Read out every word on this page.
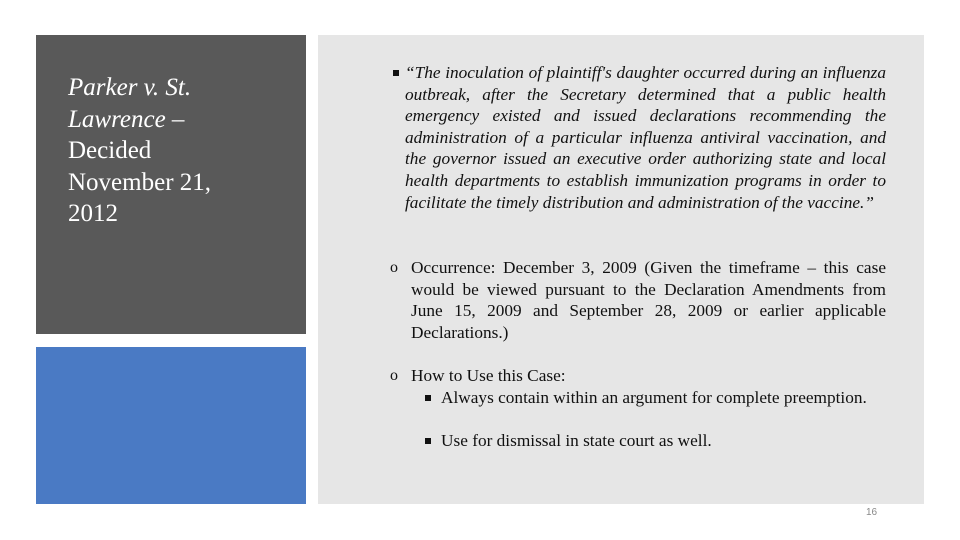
Parker v. St.
Lawrence –
Decided
November 21,
2012
“The inoculation of plaintiff's daughter occurred during an influenza outbreak, after the Secretary determined that a public health emergency existed and issued declarations recommending the administration of a particular influenza antiviral vaccination, and the governor issued an executive order authorizing state and local health departments to establish immunization programs in order to facilitate the timely distribution and administration of the vaccine.”
o Occurrence: December 3, 2009 (Given the timeframe – this case would be viewed pursuant to the Declaration Amendments from June 15, 2009 and September 28, 2009 or earlier applicable Declarations.)
o How to Use this Case:
Always contain within an argument for complete preemption.
Use for dismissal in state court as well.
16
